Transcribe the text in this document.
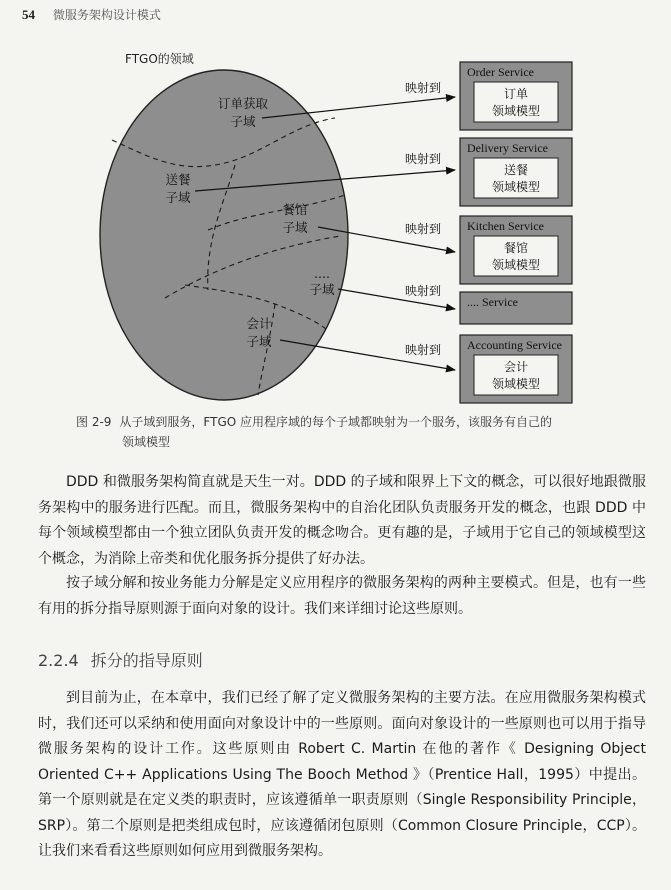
54 微服务架构设计模式
FTGO的领域
订单获取
子域
送餐
子域
餐馆
子域
....
子域
会计
子域
映射到
映射到
映射到
映射到
映射到
Order Service
订单
领域模型
Delivery Service
送餐
领域模型
Kitchen Service
餐馆
领域模型
.... Service
Accounting Service
会计
领域模型
图 2-9 从子域到服务，FTGO 应用程序域的每个子域都映射为一个服务，该服务有自己的
领域模型
DDD 和微服务架构简直就是天生一对。DDD 的子域和限界上下文的概念，可以很好地跟微服务架构中的服务进行匹配。而且，微服务架构中的自治化团队负责服务开发的概念，也跟 DDD 中每个领域模型都由一个独立团队负责开发的概念吻合。更有趣的是，子域用于它自己的领域模型这个概念，为消除上帝类和优化服务拆分提供了好办法。
按子域分解和按业务能力分解是定义应用程序的微服务架构的两种主要模式。但是，也有一些有用的拆分指导原则源于面向对象的设计。我们来详细讨论这些原则。
2.2.4 拆分的指导原则
到目前为止，在本章中，我们已经了解了定义微服务架构的主要方法。在应用微服务架构模式时，我们还可以采纳和使用面向对象设计中的一些原则。面向对象设计的一些原则也可以用于指导微服务架构的设计工作。这些原则由 Robert C. Martin 在他的著作《 Designing Object Oriented C++ Applications Using The Booch Method 》（Prentice Hall，1995）中提出。第一个原则就是在定义类的职责时，应该遵循单一职责原则（Single Responsibility Principle，SRP）。第二个原则是把类组成包时，应该遵循闭包原则（Common Closure Principle，CCP）。让我们来看看这些原则如何应用到微服务架构。
